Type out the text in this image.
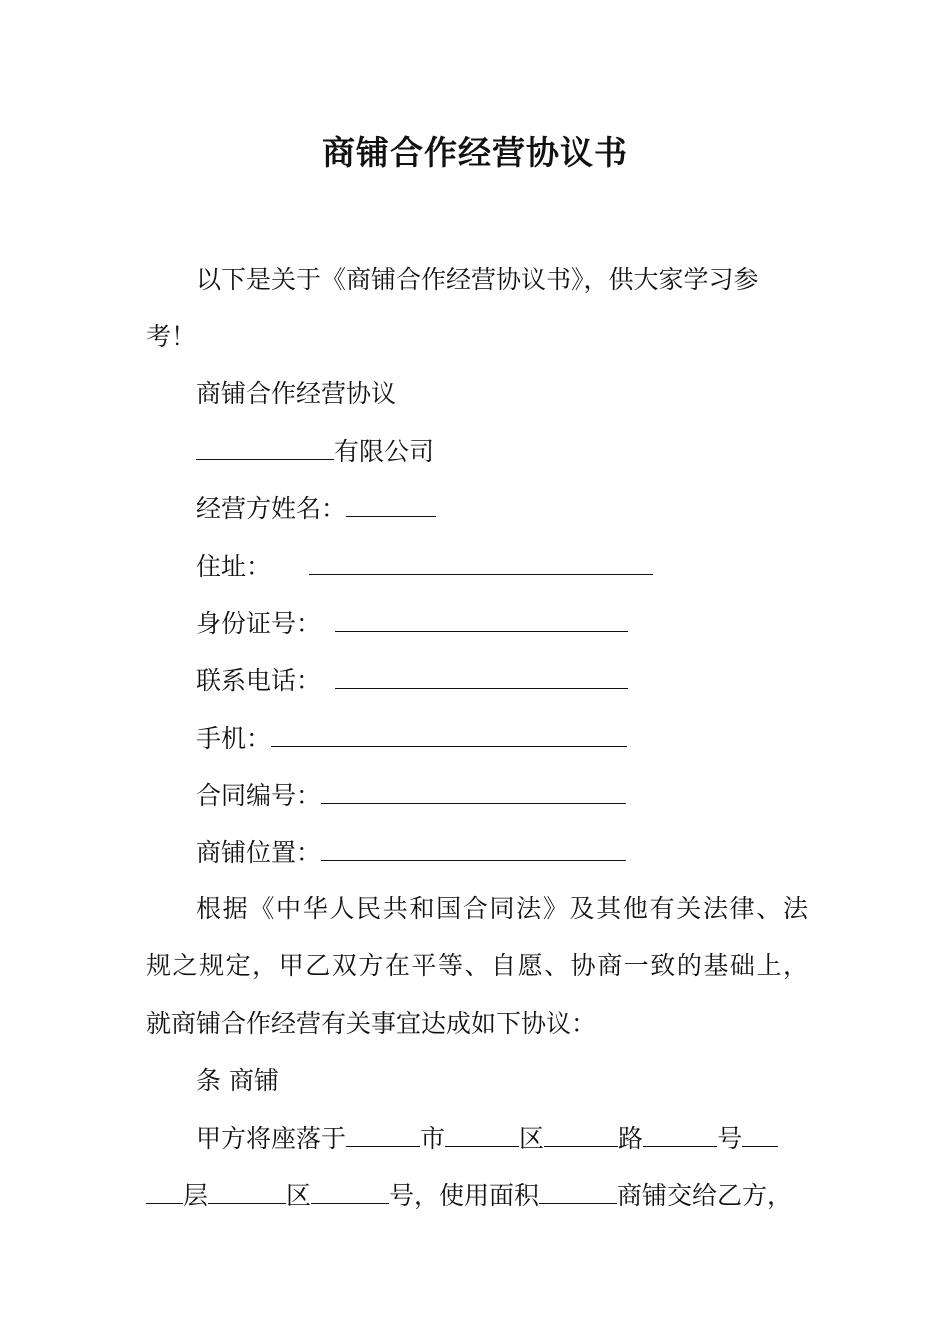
商铺合作经营协议书
以下是关于《商铺合作经营协议书》，供大家学习参
考！
商铺合作经营协议
有限公司
经营方姓名：
住址：
身份证号：
联系电话：
手机：
合同编号：
商铺位置：
根据《中华人民共和国合同法》及其他有关法律、法
规之规定，甲乙双方在平等、自愿、协商一致的基础上，
就商铺合作经营有关事宜达成如下协议：
条 商铺
甲方将座落于	市	区	路	号
层	区	号，使用面积	商铺交给乙方，
